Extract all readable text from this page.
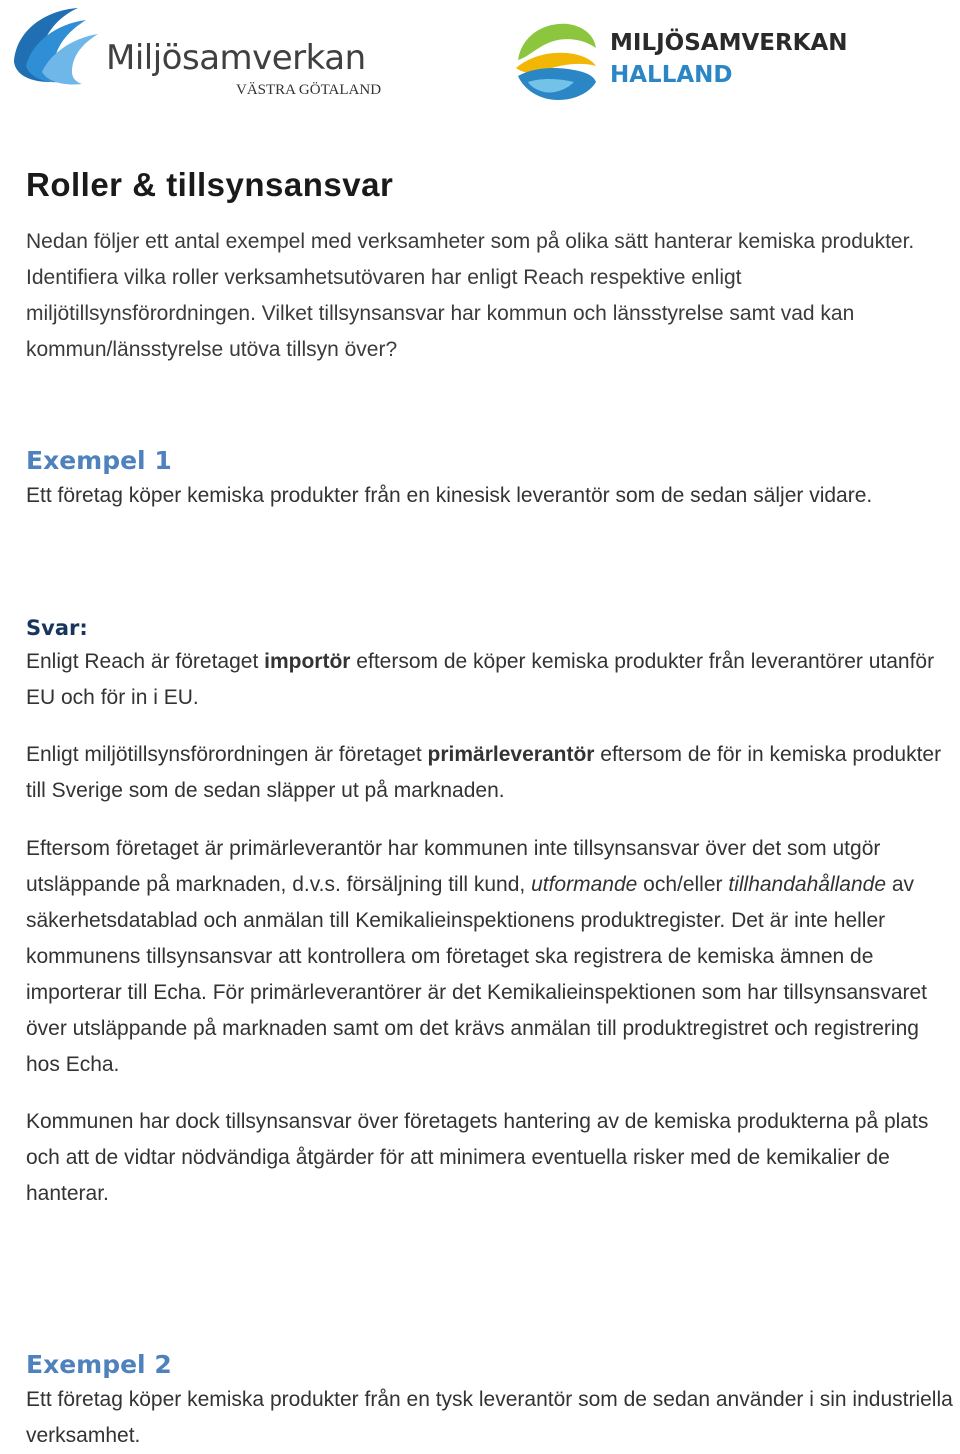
Miljösamverkan
VÄSTRA GÖTALAND
MILJÖSAMVERKAN
HALLAND
Roller & tillsynsansvar

Nedan följer ett antal exempel med verksamheter som på olika sätt hanterar kemiska produkter. Identifiera vilka roller verksamhetsutövaren har enligt Reach respektive enligt miljötillsynsförordningen. Vilket tillsynsansvar har kommun och länsstyrelse samt vad kan kommun/länsstyrelse utöva tillsyn över?

Exempel 1

Ett företag köper kemiska produkter från en kinesisk leverantör som de sedan säljer vidare.

Svar:

Enligt Reach är företaget importör eftersom de köper kemiska produkter från leverantörer utanför EU och för in i EU.

Enligt miljötillsynsförordningen är företaget primärleverantör eftersom de för in kemiska produkter till Sverige som de sedan släpper ut på marknaden.

Eftersom företaget är primärleverantör har kommunen inte tillsynsansvar över det som utgör utsläppande på marknaden, d.v.s. försäljning till kund, utformande och/eller tillhandahållande av säkerhetsdatablad och anmälan till Kemikalieinspektionens produktregister. Det är inte heller kommunens tillsynsansvar att kontrollera om företaget ska registrera de kemiska ämnen de importerar till Echa. För primärleverantörer är det Kemikalieinspektionen som har tillsynsansvaret över utsläppande på marknaden samt om det krävs anmälan till produktregistret och registrering hos Echa.

Kommunen har dock tillsynsansvar över företagets hantering av de kemiska produkterna på plats och att de vidtar nödvändiga åtgärder för att minimera eventuella risker med de kemikalier de hanterar.

Exempel 2

Ett företag köper kemiska produkter från en tysk leverantör som de sedan använder i sin industriella verksamhet.
